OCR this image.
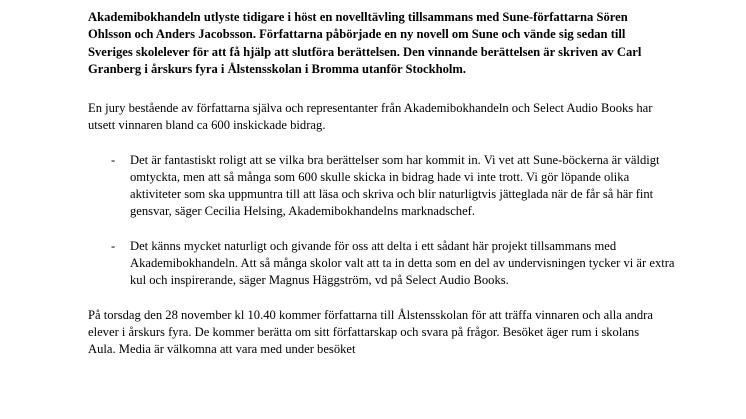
Akademibokhandeln utlyste tidigare i höst en novelltävling tillsammans med Sune-författarna Sören Ohlsson och Anders Jacobsson. Författarna påbörjade en ny novell om Sune och vände sig sedan till Sveriges skolelever för att få hjälp att slutföra berättelsen. Den vinnande berättelsen är skriven av Carl Granberg i årskurs fyra i Ålstensskolan i Bromma utanför Stockholm.

En jury bestående av författarna själva och representanter från Akademibokhandeln och Select Audio Books har utsett vinnaren bland ca 600 inskickade bidrag.

- Det är fantastiskt roligt att se vilka bra berättelser som har kommit in. Vi vet att Sune-böckerna är väldigt omtyckta, men att så många som 600 skulle skicka in bidrag hade vi inte trott. Vi gör löpande olika aktiviteter som ska uppmuntra till att läsa och skriva och blir naturligtvis jätteglada när de får så här fint gensvar, säger Cecilia Helsing, Akademibokhandelns marknadschef.

- Det känns mycket naturligt och givande för oss att delta i ett sådant här projekt tillsammans med Akademibokhandeln. Att så många skolor valt att ta in detta som en del av undervisningen tycker vi är extra kul och inspirerande, säger Magnus Häggström, vd på Select Audio Books.

På torsdag den 28 november kl 10.40 kommer författarna till Ålstensskolan för att träffa vinnaren och alla andra elever i årskurs fyra. De kommer berätta om sitt författarskap och svara på frågor. Besöket äger rum i skolans Aula. Media är välkomna att vara med under besöket
